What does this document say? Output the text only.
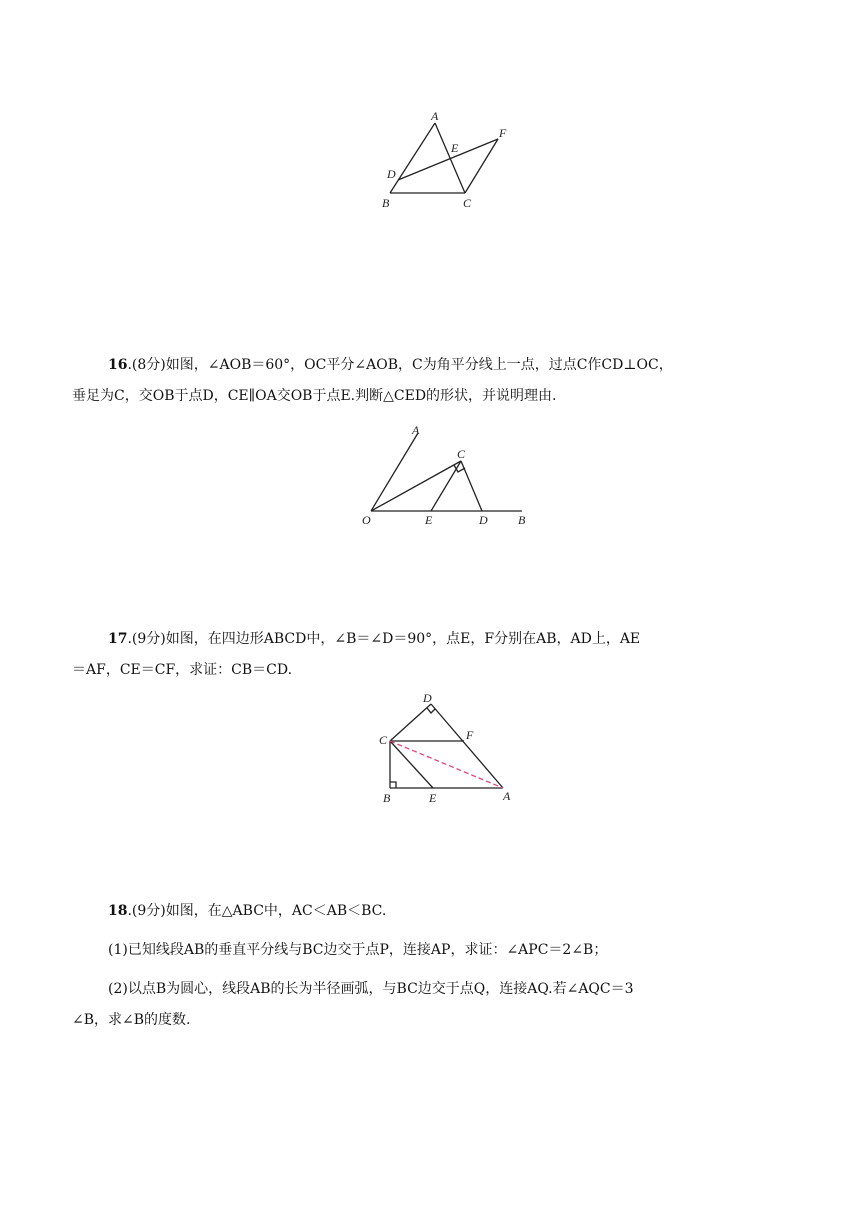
A
F
E
D
B	C

16.(8分)如图，∠AOB＝60°，OC平分∠AOB，C为角平分线上一点，过点C作CD⊥OC，

垂足为C，交OB于点D，CE∥OA交OB于点E.判断△CED的形状，并说明理由.

A
C
O	E	D	B

17.(9分)如图，在四边形ABCD中，∠B＝∠D＝90°，点E，F分别在AB，AD上，AE

＝AF，CE＝CF，求证：CB＝CD.

D
F
C
B	E	A

18.(9分)如图，在△ABC中，AC＜AB＜BC.

(1)已知线段AB的垂直平分线与BC边交于点P，连接AP，求证：∠APC＝2∠B；

(2)以点B为圆心，线段AB的长为半径画弧，与BC边交于点Q，连接AQ.若∠AQC＝3

∠B，求∠B的度数.
